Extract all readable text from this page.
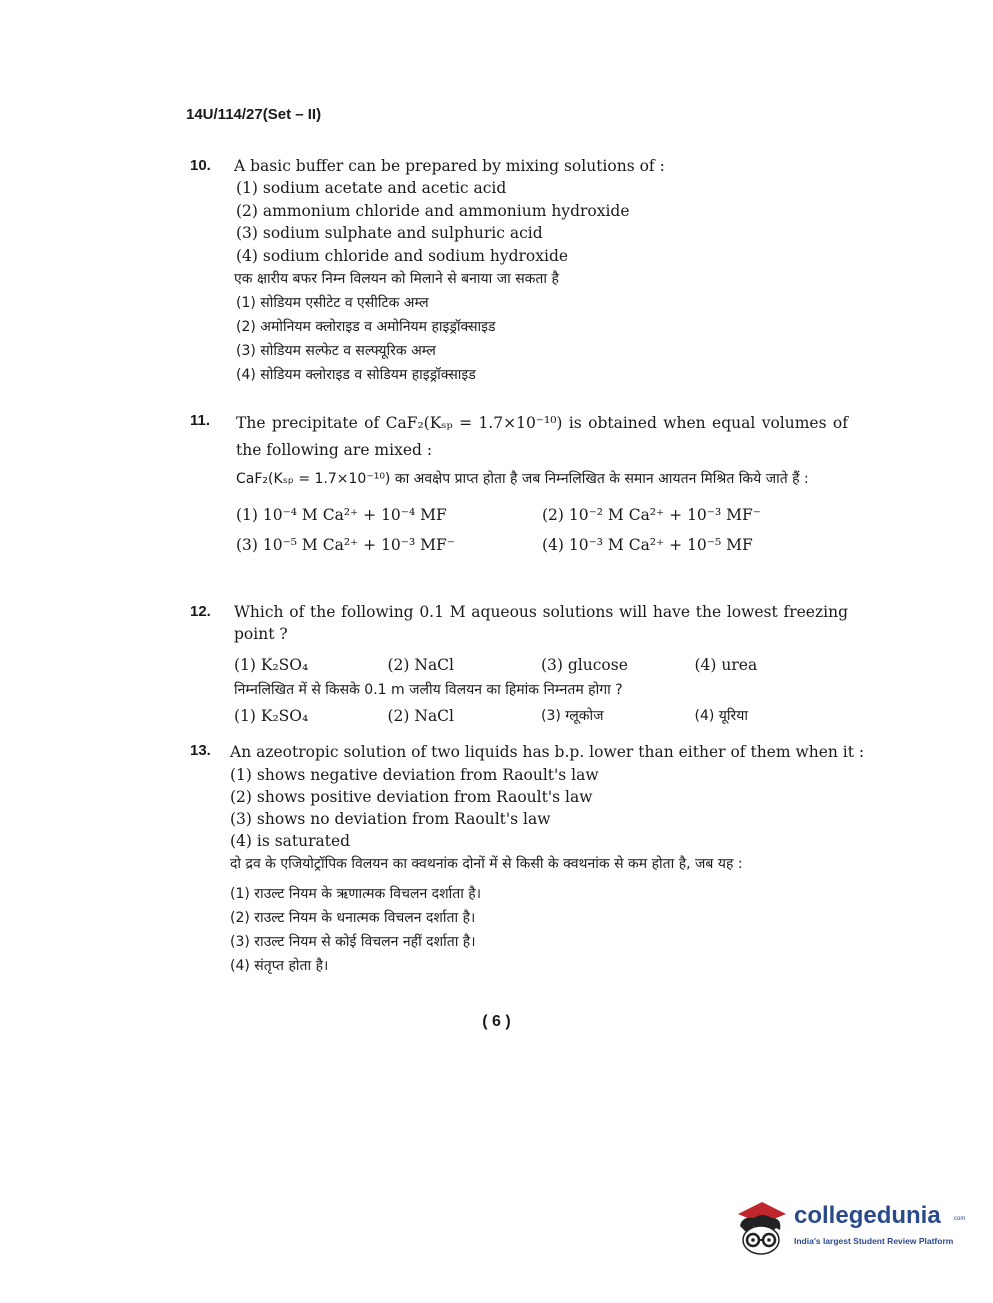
14U/114/27(Set – II)
10.	A basic buffer can be prepared by mixing solutions of :
(1) sodium acetate and acetic acid
(2) ammonium chloride and ammonium hydroxide
(3) sodium sulphate and sulphuric acid
(4) sodium chloride and sodium hydroxide
एक क्षारीय बफर निम्न विलयन को मिलाने से बनाया जा सकता है
(1) सोडियम एसीटेट व एसीटिक अम्ल
(2) अमोनियम क्लोराइड व अमोनियम हाइड्रॉक्साइड
(3) सोडियम सल्फेट व सल्फ्यूरिक अम्ल
(4) सोडियम क्लोराइड व सोडियम हाइड्रॉक्साइड
11.	The precipitate of CaF₂(Kₛₚ = 1.7×10⁻¹⁰) is obtained when equal volumes of the following are mixed :
CaF₂(Kₛₚ = 1.7×10⁻¹⁰) का अवक्षेप प्राप्त होता है जब निम्नलिखित के समान आयतन मिश्रित किये जाते हैं :
(1) 10⁻⁴ M Ca²⁺ + 10⁻⁴ MF	(2) 10⁻² M Ca²⁺ + 10⁻³ MF⁻
(3) 10⁻⁵ M Ca²⁺ + 10⁻³ MF⁻	(4) 10⁻³ M Ca²⁺ + 10⁻⁵ MF
12.	Which of the following 0.1 M aqueous solutions will have the lowest freezing point ?
(1) K₂SO₄	(2) NaCl	(3) glucose	(4) urea
निम्नलिखित में से किसके 0.1 m जलीय विलयन का हिमांक निम्नतम होगा ?
(1) K₂SO₄	(2) NaCl	(3) ग्लूकोज	(4) यूरिया
13.	An azeotropic solution of two liquids has b.p. lower than either of them when it :
(1) shows negative deviation from Raoult's law
(2) shows positive deviation from Raoult's law
(3) shows no deviation from Raoult's law
(4) is saturated
दो द्रव के एजियोट्रॉपिक विलयन का क्वथनांक दोनों में से किसी के क्वथनांक से कम होता है, जब यह :
(1) राउल्ट नियम के ऋणात्मक विचलन दर्शाता है।
(2) राउल्ट नियम के धनात्मक विचलन दर्शाता है।
(3) राउल्ट नियम से कोई विचलन नहीं दर्शाता है।
(4) संतृप्त होता है।
( 6 )
collegedunia com
India's largest Student Review Platform
